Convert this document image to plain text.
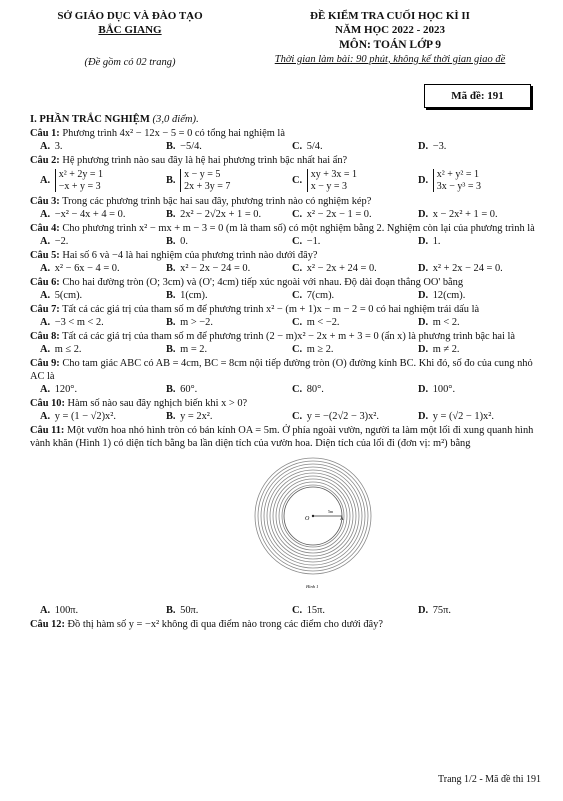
SỞ GIÁO DỤC VÀ ĐÀO TẠO
BẮC GIANG
(Đề gồm có 02 trang)
ĐỀ KIỂM TRA CUỐI HỌC KÌ II
NĂM HỌC 2022 - 2023
MÔN: TOÁN LỚP 9
Thời gian làm bài: 90 phút, không kể thời gian giao đề
Mã đề: 191
I. PHẦN TRẮC NGHIỆM (3,0 điểm).
Câu 1: Phương trình 4x² − 12x − 5 = 0 có tổng hai nghiệm là
A. 3.	B. −5/4.	C. 5/4.	D. −3.
Câu 2: Hệ phương trình nào sau đây là hệ hai phương trình bậc nhất hai ẩn?
A. x² + 2y = 1
−x + y = 3
B. x − y = 5
2x + 3y = 7
C. xy + 3x = 1
x − y = 3
D. x² + y² = 1
3x − y³ = 3
Câu 3: Trong các phương trình bậc hai sau đây, phương trình nào có nghiệm kép?
A. −x² − 4x + 4 = 0.	B. 2x² − 2√2x + 1 = 0.	C. x² − 2x − 1 = 0.	D. x − 2x² + 1 = 0.
Câu 4: Cho phương trình x² − mx + m − 3 = 0 (m là tham số) có một nghiệm bằng 2. Nghiệm còn lại của phương trình là
A. −2.	B. 0.	C. −1.	D. 1.
Câu 5: Hai số 6 và −4 là hai nghiệm của phương trình nào dưới đây?
A. x² − 6x − 4 = 0.	B. x² − 2x − 24 = 0.	C. x² − 2x + 24 = 0.	D. x² + 2x − 24 = 0.
Câu 6: Cho hai đường tròn (O; 3cm) và (O'; 4cm) tiếp xúc ngoài với nhau. Độ dài đoạn thẳng OO' bằng
A. 5(cm).	B. 1(cm).	C. 7(cm).	D. 12(cm).
Câu 7: Tất cả các giá trị của tham số m để phương trình x² − (m + 1)x − m − 2 = 0 có hai nghiệm trái dấu là
A. −3 < m < 2.	B. m > −2.	C. m < −2.	D. m < 2.
Câu 8: Tất cả các giá trị của tham số m để phương trình (2 − m)x² − 2x + m + 3 = 0 (ẩn x) là phương trình bậc hai là
A. m ≤ 2.	B. m = 2.	C. m ≥ 2.	D. m ≠ 2.
Câu 9: Cho tam giác ABC có AB = 4cm, BC = 8cm nội tiếp đường tròn (O) đường kính BC. Khi đó, số đo của cung nhỏ AC là
A. 120°.	B. 60°.	C. 80°.	D. 100°.
Câu 10: Hàm số nào sau đây nghịch biến khi x > 0?
A. y = (1 − √2)x².	B. y = 2x².	C. y = −(2√2 − 3)x².	D. y = (√2 − 1)x².
Câu 11: Một vườn hoa nhỏ hình tròn có bán kính OA = 5m. Ở phía ngoài vườn, người ta làm một lối đi xung quanh hình vành khăn (Hình 1) có diện tích bằng ba lần diện tích của vườn hoa. Diện tích của lối đi (đơn vị: m²) bằng
O	A
5m
Hình 1
A. 100π.	B. 50π.	C. 15π.	D. 75π.
Câu 12: Đồ thị hàm số y = −x² không đi qua điểm nào trong các điểm cho dưới đây?
Trang 1/2 - Mã đề thi 191
